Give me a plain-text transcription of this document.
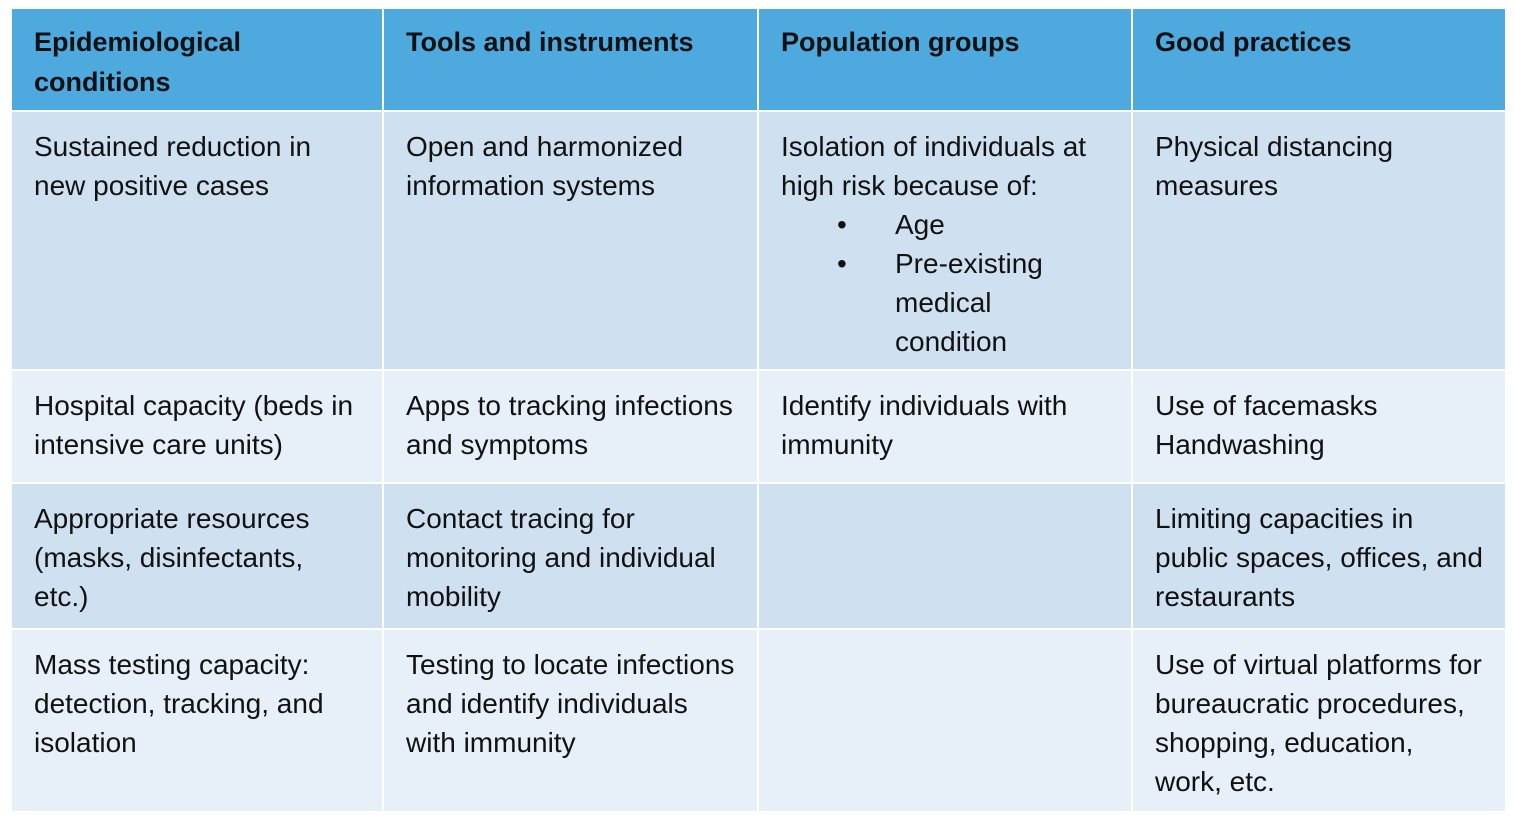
Epidemiological conditions
Tools and instruments	Population groups	Good practices
Sustained reduction in new positive cases
Open and harmonized information systems
Isolation of individuals at high risk because of:
• Age
• Pre-existing medical condition
Physical distancing measures
Hospital capacity (beds in intensive care units)
Apps to tracking infections and symptoms
Identify individuals with immunity
Use of facemasks
Handwashing
Appropriate resources (masks, disinfectants, etc.)
Contact tracing for monitoring and individual mobility
Limiting capacities in public spaces, offices, and restaurants
Mass testing capacity: detection, tracking, and isolation
Testing to locate infections and identify individuals with immunity
Use of virtual platforms for bureaucratic procedures, shopping, education, work, etc.
